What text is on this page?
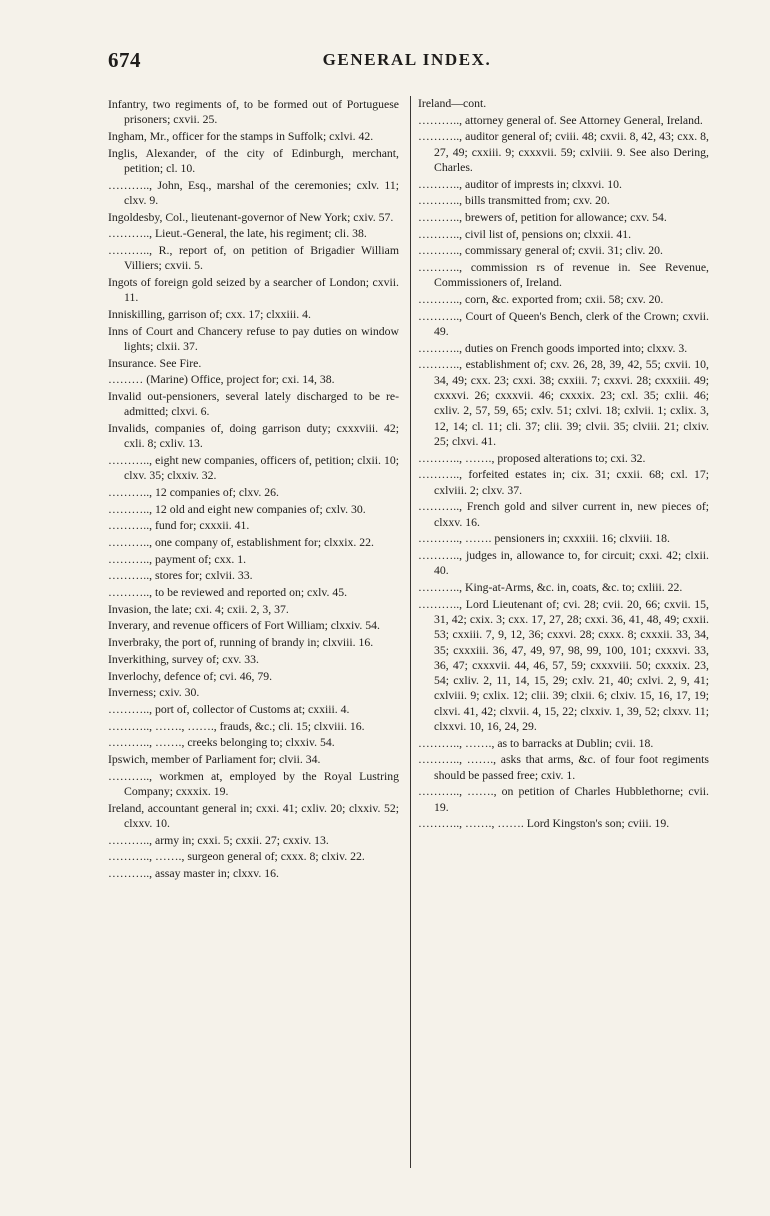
674	GENERAL INDEX.
Infantry, two regiments of, to be formed out of Portuguese prisoners; cxvii. 25.
Ingham, Mr., officer for the stamps in Suffolk; cxlvi. 42.
Inglis, Alexander, of the city of Edinburgh, merchant, petition; cl. 10.
……….., John, Esq., marshal of the ceremonies; cxlv. 11; clxv. 9.
Ingoldesby, Col., lieutenant-governor of New York; cxiv. 57.
……….., Lieut.-General, the late, his regiment; cli. 38.
……….., R., report of, on petition of Brigadier William Villiers; cxvii. 5.
Ingots of foreign gold seized by a searcher of London; cxvii. 11.
Inniskilling, garrison of; cxx. 17; clxxiii. 4.
Inns of Court and Chancery refuse to pay duties on window lights; clxii. 37.
Insurance. See Fire.
……… (Marine) Office, project for; cxi. 14, 38.
Invalid out-pensioners, several lately discharged to be re-admitted; clxvi. 6.
Invalids, companies of, doing garrison duty; cxxxviii. 42; cxli. 8; cxliv. 13.
……….., eight new companies, officers of, petition; clxii. 10; clxv. 35; clxxiv. 32.
……….., 12 companies of; clxv. 26.
……….., 12 old and eight new companies of; cxlv. 30.
……….., fund for; cxxxii. 41.
……….., one company of, establishment for; clxxix. 22.
……….., payment of; cxx. 1.
……….., stores for; cxlvii. 33.
……….., to be reviewed and reported on; cxlv. 45.
Invasion, the late; cxi. 4; cxii. 2, 3, 37.
Inverary, and revenue officers of Fort William; clxxiv. 54.
Inverbraky, the port of, running of brandy in; clxviii. 16.
Inverkithing, survey of; cxv. 33.
Inverlochy, defence of; cvi. 46, 79.
Inverness; cxiv. 30.
……….., port of, collector of Customs at; cxxiii. 4.
……….., ……., ……., frauds, &c.; cli. 15; clxviii. 16.
……….., ……., creeks belonging to; clxxiv. 54.
Ipswich, member of Parliament for; clvii. 34.
……….., workmen at, employed by the Royal Lustring Company; cxxxix. 19.
Ireland, accountant general in; cxxi. 41; cxliv. 20; clxxiv. 52; clxxv. 10.
……….., army in; cxxi. 5; cxxii. 27; cxxiv. 13.
……….., ……., surgeon general of; cxxx. 8; clxiv. 22.
……….., assay master in; clxxv. 16.
Ireland—cont.
……….., attorney general of. See Attorney General, Ireland.
……….., auditor general of; cviii. 48; cxvii. 8, 42, 43; cxx. 8, 27, 49; cxxiii. 9; cxxxvii. 59; cxlviii. 9. See also Dering, Charles.
……….., auditor of imprests in; clxxvi. 10.
……….., bills transmitted from; cxv. 20.
……….., brewers of, petition for allowance; cxv. 54.
……….., civil list of, pensions on; clxxii. 41.
……….., commissary general of; cxvii. 31; cliv. 20.
……….., commission rs of revenue in. See Revenue, Commissioners of, Ireland.
……….., corn, &c. exported from; cxii. 58; cxv. 20.
……….., Court of Queen's Bench, clerk of the Crown; cxvii. 49.
……….., duties on French goods imported into; clxxv. 3.
……….., establishment of; cxv. 26, 28, 39, 42, 55; cxvii. 10, 34, 49; cxx. 23; cxxi. 38; cxxiii. 7; cxxvi. 28; cxxxiii. 49; cxxxvi. 26; cxxxvii. 46; cxxxix. 23; cxl. 35; cxlii. 46; cxliv. 2, 57, 59, 65; cxlv. 51; cxlvi. 18; cxlvii. 1; cxlix. 3, 12, 14; cl. 11; cli. 37; clii. 39; clvii. 35; clviii. 21; clxiv. 25; clxvi. 41.
……….., ……., proposed alterations to; cxi. 32.
……….., forfeited estates in; cix. 31; cxxii. 68; cxl. 17; cxlviii. 2; clxv. 37.
……….., French gold and silver current in, new pieces of; clxxv. 16.
……….., ……. pensioners in; cxxxiii. 16; clxviii. 18.
……….., judges in, allowance to, for circuit; cxxi. 42; clxii. 40.
……….., King-at-Arms, &c. in, coats, &c. to; cxliii. 22.
……….., Lord Lieutenant of; cvi. 28; cvii. 20, 66; cxvii. 15, 31, 42; cxix. 3; cxx. 17, 27, 28; cxxi. 36, 41, 48, 49; cxxii. 53; cxxiii. 7, 9, 12, 36; cxxvi. 28; cxxx. 8; cxxxii. 33, 34, 35; cxxxiii. 36, 47, 49, 97, 98, 99, 100, 101; cxxxvi. 33, 36, 47; cxxxvii. 44, 46, 57, 59; cxxxviii. 50; cxxxix. 23, 54; cxliv. 2, 11, 14, 15, 29; cxlv. 21, 40; cxlvi. 2, 9, 41; cxlviii. 9; cxlix. 12; clii. 39; clxii. 6; clxiv. 15, 16, 17, 19; clxvi. 41, 42; clxvii. 4, 15, 22; clxxiv. 1, 39, 52; clxxv. 11; clxxvi. 10, 16, 24, 29.
……….., ……., as to barracks at Dublin; cvii. 18.
……….., ……., asks that arms, &c. of four foot regiments should be passed free; cxiv. 1.
……….., ……., on petition of Charles Hubblethorne; cvii. 19.
……….., ……., ……. Lord Kingston's son; cviii. 19.
